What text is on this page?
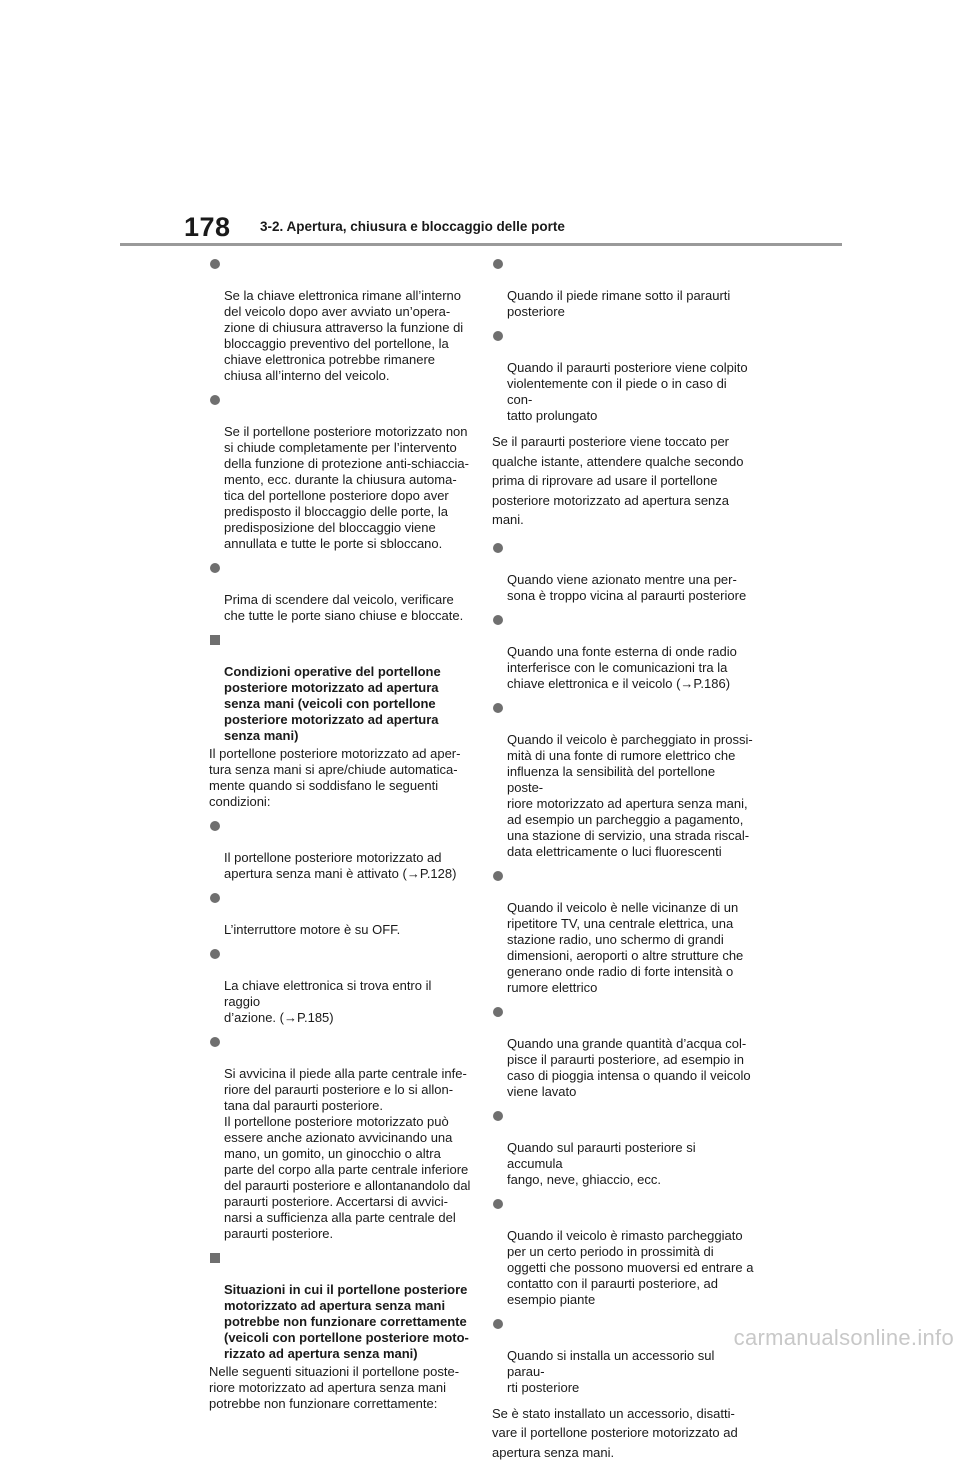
178 3-2. Apertura, chiusura e bloccaggio delle porte

Se la chiave elettronica rimane all’interno
del veicolo dopo aver avviato un’opera-
zione di chiusura attraverso la funzione di
bloccaggio preventivo del portellone, la
chiave elettronica potrebbe rimanere
chiusa all’interno del veicolo.

Se il portellone posteriore motorizzato non
si chiude completamente per l’intervento
della funzione di protezione anti-schiaccia-
mento, ecc. durante la chiusura automa-
tica del portellone posteriore dopo aver
predisposto il bloccaggio delle porte, la
predisposizione del bloccaggio viene
annullata e tutte le porte si sbloccano.

Prima di scendere dal veicolo, verificare
che tutte le porte siano chiuse e bloccate.

Condizioni operative del portellone
posteriore motorizzato ad apertura
senza mani (veicoli con portellone
posteriore motorizzato ad apertura
senza mani)

Il portellone posteriore motorizzato ad aper-
tura senza mani si apre/chiude automatica-
mente quando si soddisfano le seguenti
condizioni:

Il portellone posteriore motorizzato ad
apertura senza mani è attivato (→P.128)

L’interruttore motore è su OFF.

La chiave elettronica si trova entro il raggio
d’azione. (→P.185)

Si avvicina il piede alla parte centrale infe-
riore del paraurti posteriore e lo si allon-
tana dal paraurti posteriore.
Il portellone posteriore motorizzato può
essere anche azionato avvicinando una
mano, un gomito, un ginocchio o altra
parte del corpo alla parte centrale inferiore
del paraurti posteriore e allontanandolo dal
paraurti posteriore. Accertarsi di avvici-
narsi a sufficienza alla parte centrale del
paraurti posteriore.

Situazioni in cui il portellone posteriore
motorizzato ad apertura senza mani
potrebbe non funzionare correttamente
(veicoli con portellone posteriore moto-
rizzato ad apertura senza mani)

Nelle seguenti situazioni il portellone poste-
riore motorizzato ad apertura senza mani
potrebbe non funzionare correttamente:

Quando il piede rimane sotto il paraurti
posteriore

Quando il paraurti posteriore viene colpito
violentemente con il piede o in caso di con-
tatto prolungato

Se il paraurti posteriore viene toccato per
qualche istante, attendere qualche secondo
prima di riprovare ad usare il portellone
posteriore motorizzato ad apertura senza
mani.

Quando viene azionato mentre una per-
sona è troppo vicina al paraurti posteriore

Quando una fonte esterna di onde radio
interferisce con le comunicazioni tra la
chiave elettronica e il veicolo (→P.186)

Quando il veicolo è parcheggiato in prossi-
mità di una fonte di rumore elettrico che
influenza la sensibilità del portellone poste-
riore motorizzato ad apertura senza mani,
ad esempio un parcheggio a pagamento,
una stazione di servizio, una strada riscal-
data elettricamente o luci fluorescenti

Quando il veicolo è nelle vicinanze di un
ripetitore TV, una centrale elettrica, una
stazione radio, uno schermo di grandi
dimensioni, aeroporti o altre strutture che
generano onde radio di forte intensità o
rumore elettrico

Quando una grande quantità d’acqua col-
pisce il paraurti posteriore, ad esempio in
caso di pioggia intensa o quando il veicolo
viene lavato

Quando sul paraurti posteriore si accumula
fango, neve, ghiaccio, ecc.

Quando il veicolo è rimasto parcheggiato
per un certo periodo in prossimità di
oggetti che possono muoversi ed entrare a
contatto con il paraurti posteriore, ad
esempio piante

Quando si installa un accessorio sul parau-
rti posteriore

Se è stato installato un accessorio, disatti-
vare il portellone posteriore motorizzato ad
apertura senza mani.
carmanualsonline.info
